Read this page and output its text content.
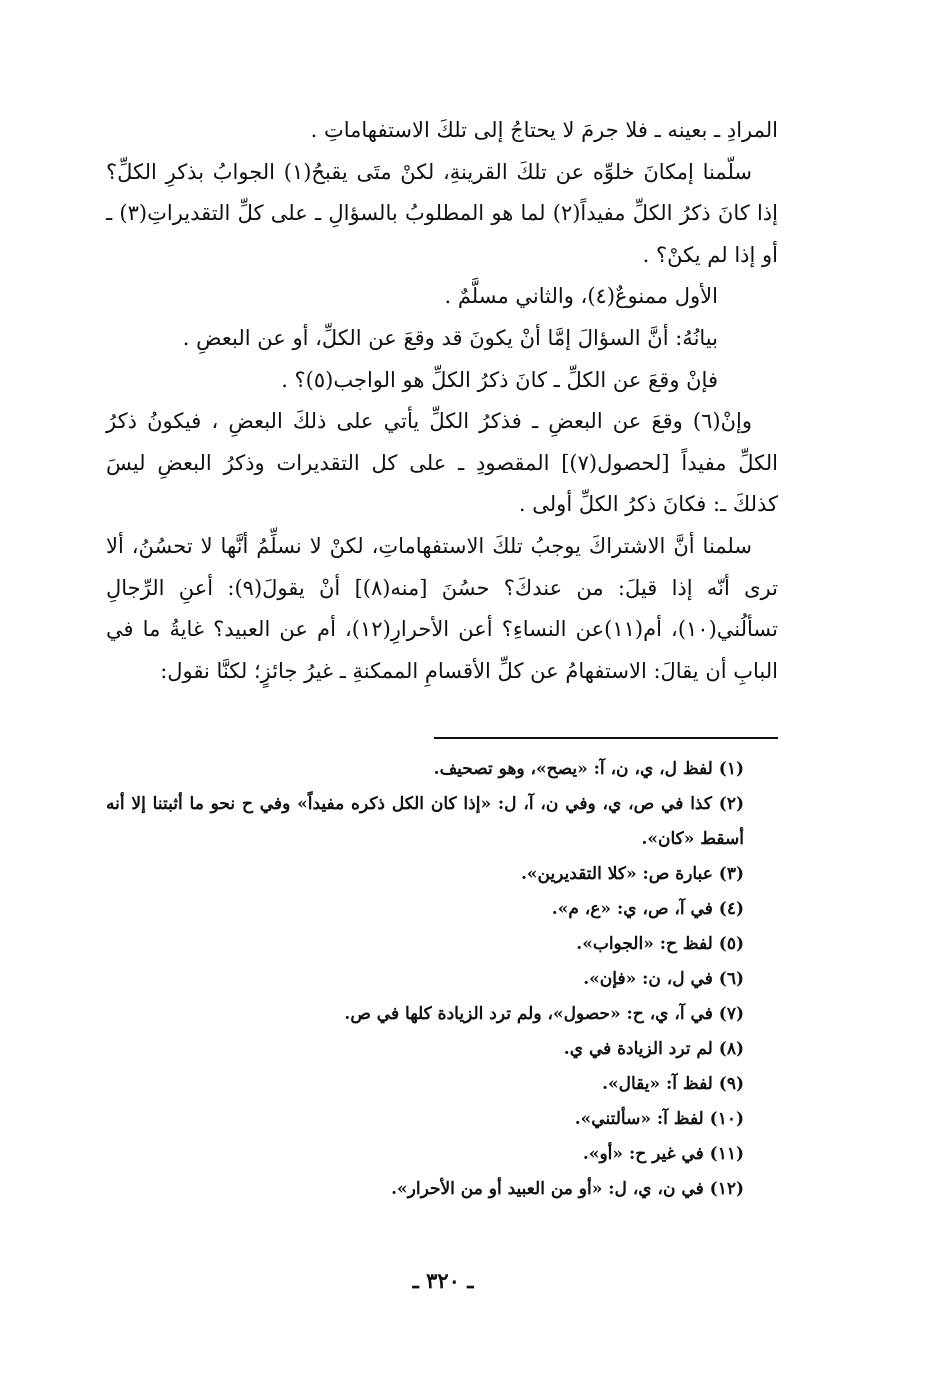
المرادِ ـ بعينه ـ فلا جرمَ لا يحتاجُ إلى تلكَ الاستفهاماتِ .

سلّمنا إمكانَ خلوِّه عن تلكَ القرينةِ، لكنْ متَى يقبحُ(١) الجوابُ بذكرِ الكلِّ؟ إذا كانَ ذكرُ الكلِّ مفيداً(٢) لما هو المطلوبُ بالسؤالِ ـ على كلِّ التقديراتِ(٣) ـ أو إذا لم يكنْ؟ .

الأول ممنوعٌ(٤)، والثاني مسلَّمٌ .

بيانُهُ: أنَّ السؤالَ إمَّا أنْ يكونَ قد وقعَ عن الكلِّ، أو عن البعضِ .

فإنْ وقعَ عن الكلِّ ـ كانَ ذكرُ الكلِّ هو الواجب(٥)؟ .

وإنْ(٦) وقعَ عن البعضِ ـ فذكرُ الكلِّ يأتي على ذلكَ البعضِ ، فيكونُ ذكرُ الكلِّ مفيداً [لحصول(٧)] المقصودِ ـ على كل التقديرات وذكرُ البعضِ ليسَ كذلكَ ـ: فكانَ ذكرُ الكلِّ أولى .

سلمنا أنَّ الاشتراكَ يوجبُ تلكَ الاستفهاماتِ، لكنْ لا نسلِّمُ أنَّها لا تحسُنُ، ألا ترى أنّه إذا قيلَ: من عندكَ؟ حسُنَ [منه(٨)] أنْ يقولَ(٩): أعنِ الرِّجالِ تسألُني(١٠)، أم(١١)عن النساءِ؟ أعن الأحرارِ(١٢)، أم عن العبيد؟ غايةُ ما في البابِ أن يقالَ: الاستفهامُ عن كلِّ الأقسامِ الممكنةِ ـ غيرُ جائزٍ؛ لكنَّا نقول:

(١) لفظ ل، ي، ن، آ: «يصح»، وهو تصحيف.

(٢) كذا في ص، ي، وفي ن، آ، ل: «إذا كان الكل ذكره مفيداً» وفي ح نحو ما أثبتنا إلا أنه أسقط «كان».

(٣) عبارة ص: «كلا التقديرين».

(٤) في آ، ص، ي: «ع، م».

(٥) لفظ ح: «الجواب».

(٦) في ل، ن: «فإن».

(٧) في آ، ي، ح: «حصول»، ولم ترد الزيادة كلها في ص.

(٨) لم ترد الزيادة في ي.

(٩) لفظ آ: «يقال».

(١٠) لفظ آ: «سألتني».

(١١) في غير ح: «أو».

(١٢) في ن، ي، ل: «أو من العبيد أو من الأحرار».

ـ ٣٢٠ ـ
